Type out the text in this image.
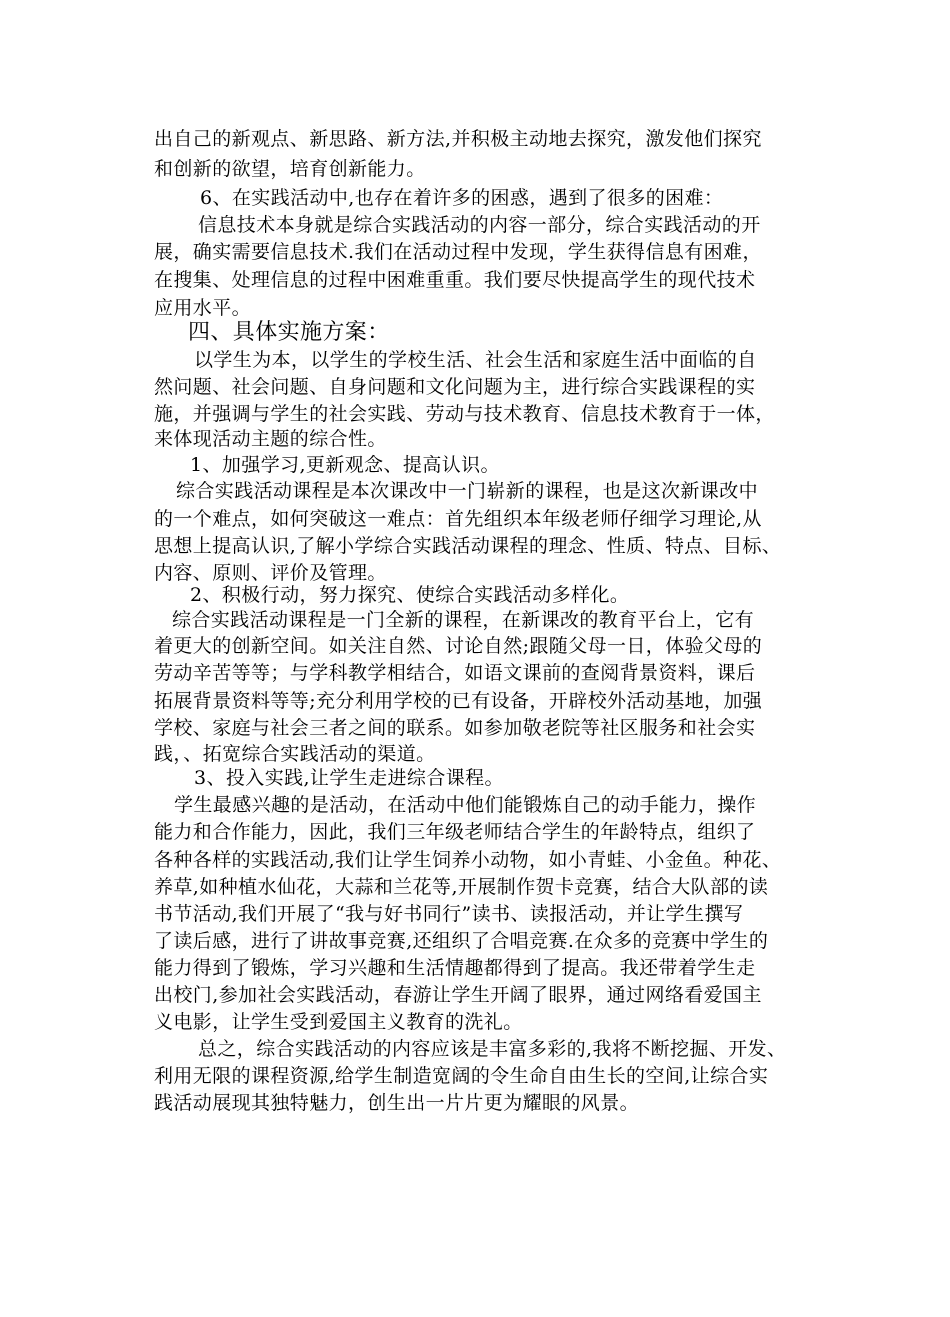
出自己的新观点、新思路、新方法,并积极主动地去探究，激发他们探究
和创新的欲望，培育创新能力。
6、在实践活动中,也存在着许多的困惑，遇到了很多的困难：
信息技术本身就是综合实践活动的内容一部分，综合实践活动的开
展，确实需要信息技术.我们在活动过程中发现，学生获得信息有困难，
在搜集、处理信息的过程中困难重重。我们要尽快提高学生的现代技术
应用水平。
四、具体实施方案：
以学生为本，以学生的学校生活、社会生活和家庭生活中面临的自
然问题、社会问题、自身问题和文化问题为主，进行综合实践课程的实
施，并强调与学生的社会实践、劳动与技术教育、信息技术教育于一体，
来体现活动主题的综合性。
1、加强学习,更新观念、提高认识。
综合实践活动课程是本次课改中一门崭新的课程，也是这次新课改中
的一个难点，如何突破这一难点：首先组织本年级老师仔细学习理论,从
思想上提高认识,了解小学综合实践活动课程的理念、性质、特点、目标、
内容、原则、评价及管理。
2、积极行动，努力探究、使综合实践活动多样化。
综合实践活动课程是一门全新的课程，在新课改的教育平台上，它有
着更大的创新空间。如关注自然、讨论自然;跟随父母一日，体验父母的
劳动辛苦等等；与学科教学相结合，如语文课前的查阅背景资料，课后
拓展背景资料等等;充分利用学校的已有设备，开辟校外活动基地，加强
学校、家庭与社会三者之间的联系。如参加敬老院等社区服务和社会实
践，、拓宽综合实践活动的渠道。
3、投入实践,让学生走进综合课程。
学生最感兴趣的是活动，在活动中他们能锻炼自己的动手能力，操作
能力和合作能力，因此，我们三年级老师结合学生的年龄特点，组织了
各种各样的实践活动,我们让学生饲养小动物，如小青蛙、小金鱼。种花、
养草,如种植水仙花，大蒜和兰花等,开展制作贺卡竞赛，结合大队部的读
书节活动,我们开展了“我与好书同行”读书、读报活动，并让学生撰写
了读后感，进行了讲故事竞赛,还组织了合唱竞赛.在众多的竞赛中学生的
能力得到了锻炼，学习兴趣和生活情趣都得到了提高。我还带着学生走
出校门,参加社会实践活动，春游让学生开阔了眼界，通过网络看爱国主
义电影，让学生受到爱国主义教育的洗礼。
总之，综合实践活动的内容应该是丰富多彩的,我将不断挖掘、开发、
利用无限的课程资源,给学生制造宽阔的令生命自由生长的空间,让综合实
践活动展现其独特魅力，创生出一片片更为耀眼的风景。
